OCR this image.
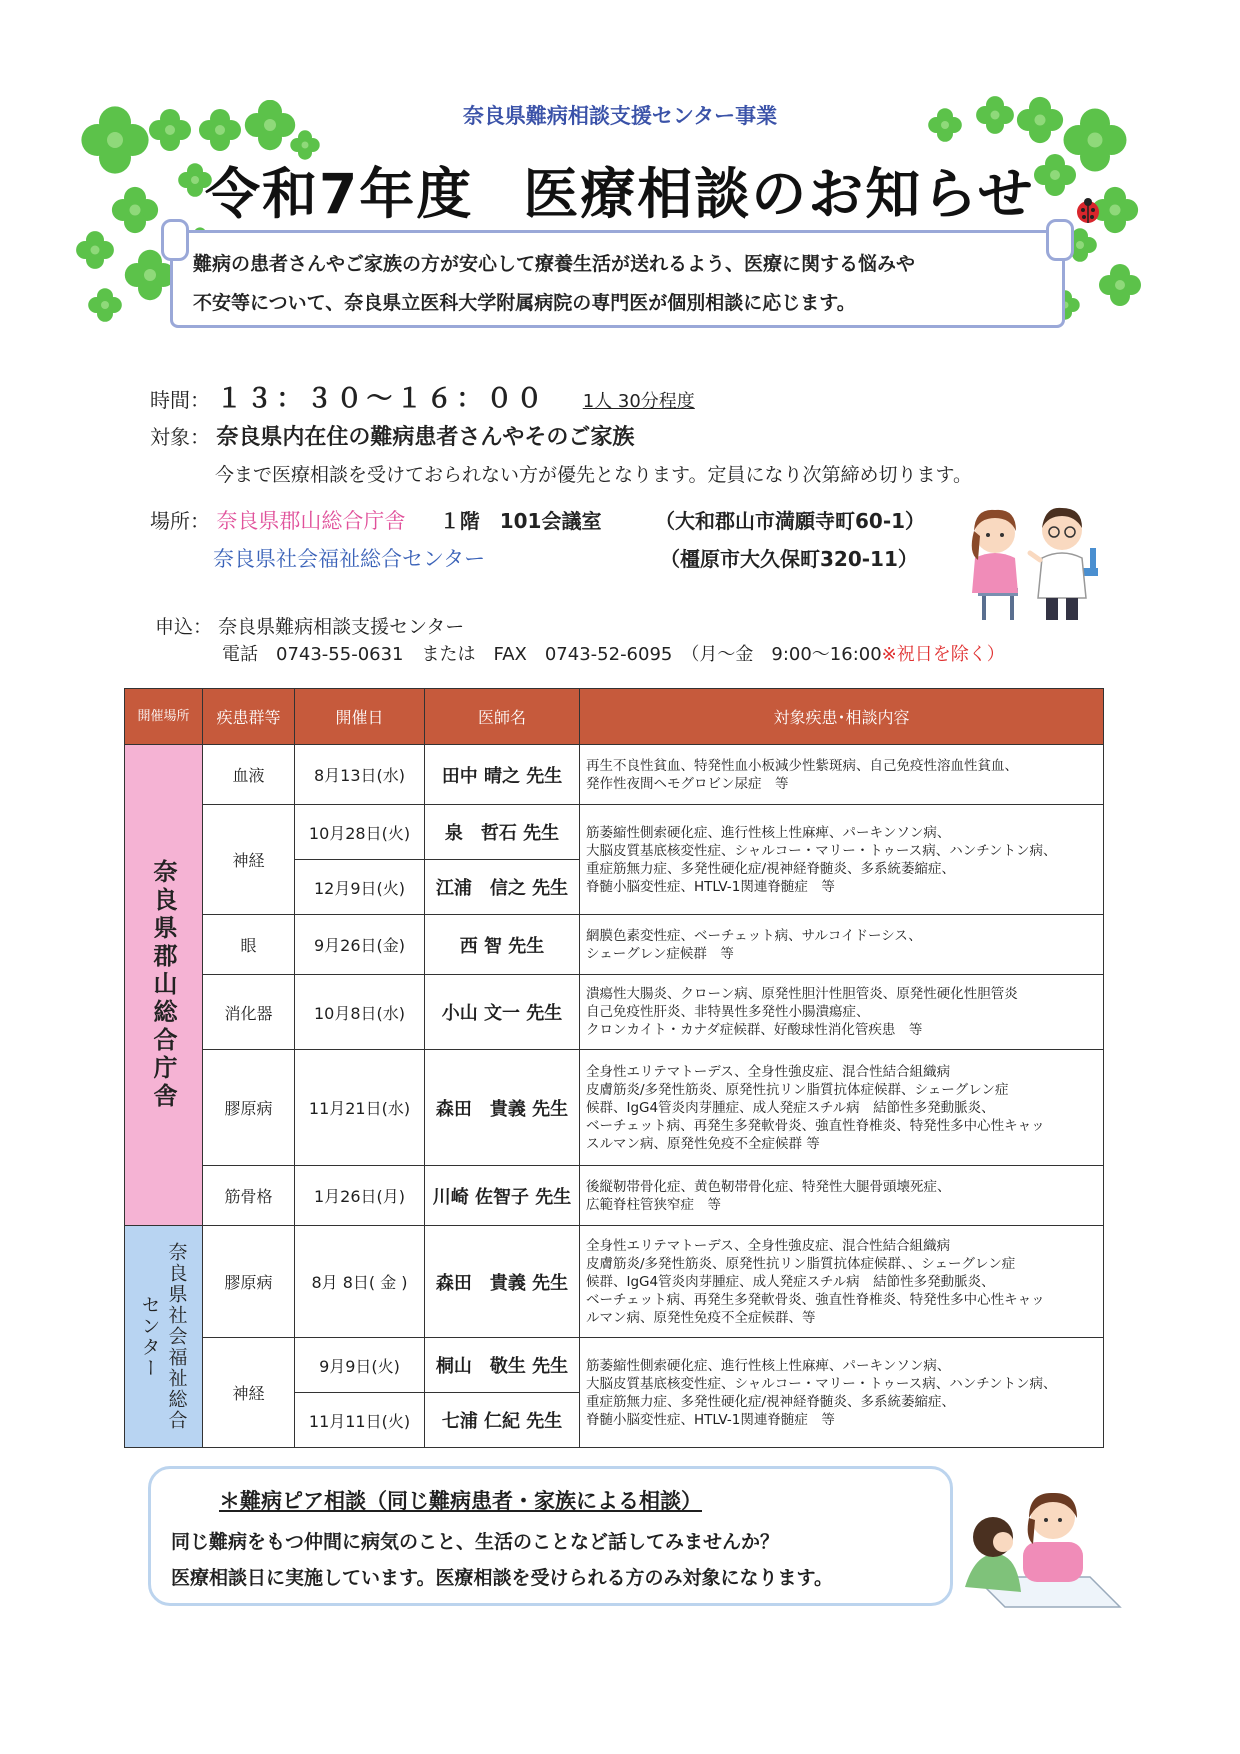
奈良県難病相談支援センター事業
令和7年度 医療相談のお知らせ
難病の患者さんやご家族の方が安心して療養生活が送れるよう、医療に関する悩みや
不安等について、奈良県立医科大学附属病院の専門医が個別相談に応じます。
時間： １３：３０～１６：００ 1人 30分程度
対象： 奈良県内在住の難病患者さんやそのご家族
今まで医療相談を受けておられない方が優先となります。定員になり次第締め切ります。
場所： 奈良県郡山総合庁舎 １階　101会議室	（大和郡山市満願寺町60-1）
奈良県社会福祉総合センター	（橿原市大久保町320-11）
申込： 奈良県難病相談支援センター
電話　0743-55-0631　または　FAX　0743-52-6095　（月～金　9:00～16:00※祝日を除く）
開催場所	疾患群等	開催日	医師名	対象疾患･相談内容

奈良県郡山総合庁舎	血液	8月13日(水)	田中 晴之 先生	再生不良性貧血、特発性血小板減少性紫斑病、自己免疫性溶血性貧血、
発作性夜間ヘモグロビン尿症　等
	神経	10月28日(火)	泉　哲石 先生	筋萎縮性側索硬化症、進行性核上性麻痺、パーキンソン病、
大脳皮質基底核変性症、シャルコー・マリー・トゥース病、ハンチントン病、
重症筋無力症、多発性硬化症/視神経脊髄炎、多系統萎縮症、
脊髄小脳変性症、HTLV-1関連脊髄症　等
		12月9日(火)	江浦　信之 先生	
	眼	9月26日(金)	西 智 先生	網膜色素変性症、ベーチェット病、サルコイドーシス、
シェーグレン症候群　等
	消化器	10月8日(水)	小山 文一 先生	潰瘍性大腸炎、クローン病、原発性胆汁性胆管炎、原発性硬化性胆管炎
自己免疫性肝炎、非特異性多発性小腸潰瘍症、
クロンカイト・カナダ症候群、好酸球性消化管疾患　等
	膠原病	11月21日(水)	森田　貴義 先生	全身性エリテマトーデス、全身性強皮症、混合性結合組織病
皮膚筋炎/多発性筋炎、原発性抗リン脂質抗体症候群、シェーグレン症
候群、IgG4管炎肉芽腫症、成人発症スチル病　結節性多発動脈炎、
ベーチェット病、再発生多発軟骨炎、強直性脊椎炎、特発性多中心性キャッ
スルマン病、原発性免疫不全症候群 等
	筋骨格	1月26日(月)	川崎 佐智子 先生	後縦靭帯骨化症、黄色靭帯骨化症、特発性大腿骨頭壊死症、
広範脊柱管狭窄症　等

奈良県社会福祉総合センター	膠原病	8月 8日( 金 )	森田　貴義 先生	全身性エリテマトーデス、全身性強皮症、混合性結合組織病
皮膚筋炎/多発性筋炎、原発性抗リン脂質抗体症候群、、シェーグレン症
候群、IgG4管炎肉芽腫症、成人発症スチル病　結節性多発動脈炎、
ベーチェット病、再発生多発軟骨炎、強直性脊椎炎、特発性多中心性キャッ
ルマン病、原発性免疫不全症候群、等
	神経	9月9日(火)	桐山　敬生 先生	筋萎縮性側索硬化症、進行性核上性麻痺、パーキンソン病、
大脳皮質基底核変性症、シャルコー・マリー・トゥース病、ハンチントン病、
重症筋無力症、多発性硬化症/視神経脊髄炎、多系統萎縮症、
脊髄小脳変性症、HTLV-1関連脊髄症　等
		11月11日(火)	七浦 仁紀 先生	
＊難病ピア相談（同じ難病患者・家族による相談）
同じ難病をもつ仲間に病気のこと、生活のことなど話してみませんか？
医療相談日に実施しています。医療相談を受けられる方のみ対象になります。
